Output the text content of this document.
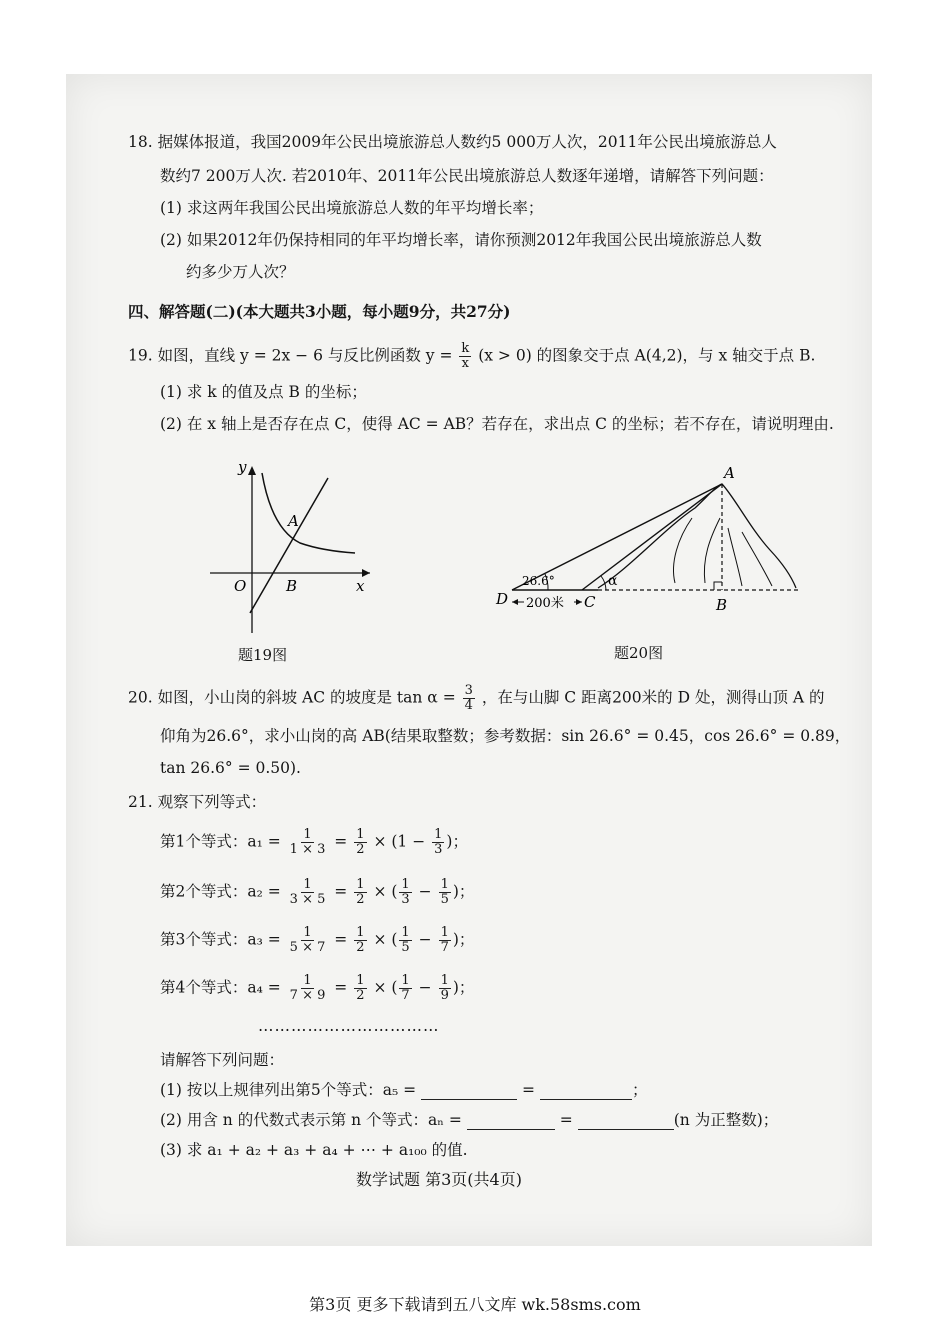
18. 据媒体报道，我国2009年公民出境旅游总人数约5 000万人次，2011年公民出境旅游总人
数约7 200万人次. 若2010年、2011年公民出境旅游总人数逐年递增，请解答下列问题：
(1) 求这两年我国公民出境旅游总人数的年平均增长率；
(2) 如果2012年仍保持相同的年平均增长率，请你预测2012年我国公民出境旅游总人数
约多少万人次？
四、解答题(二)(本大题共3小题，每小题9分，共27分)
19. 如图，直线 y = 2x − 6 与反比例函数 $y = \frac{k}{x} (x > 0)$ 的图象交于点 A(4,2)，与 x 轴交于点 B.
(1) 求 k 的值及点 B 的坐标；
(2) 在 x 轴上是否存在点 C，使得 AC = AB？若存在，求出点 C 的坐标；若不存在，请说明理由.
y
A
O	B	x
题19图
200米
A
α
26.6°
D	C	B
题20图
20. 如图，小山岗的斜坡 AC 的坡度是 $\tan \alpha = \frac{3}{4}$ ，在与山脚 C 距离200米的 D 处，测得山顶 A 的
仰角为26.6°，求小山岗的高 AB(结果取整数；参考数据：sin 26.6° = 0.45，cos 26.6° = 0.89，
tan 26.6° = 0.50).
21. 观察下列等式：
第1个等式：$a_1 = \frac{1}{1 \times 3} = \frac{1}{2} \times (1 - \frac{1}{3}$ )；
第2个等式：$a_2 = \frac{1}{3 \times 5} = \frac{1}{2}$ × ( $\frac{1}{3} - \frac{1}{5}$ )；
第3个等式：$a_3 = \frac{1}{5 \times 7} = \frac{1}{2}$ × ( $\frac{1}{5} - \frac{1}{7}$ )；
第4个等式：$a_4 = \frac{1}{7 \times 9} = \frac{1}{2}$ × ( $\frac{1}{7} - \frac{1}{9}$ )；
……………………………
请解答下列问题：
(1) 按以上规律列出第5个等式：a₅ =	=	；
(2) 用含 n 的代数式表示第 n 个等式：aₙ =	=	(n 为正整数)；
(3) 求 a₁ + a₂ + a₃ + a₄ + ⋯ + a₁₀₀ 的值.
数学试题 第3页(共4页)
第3页 更多下载请到五八文库 wk.58sms.com
